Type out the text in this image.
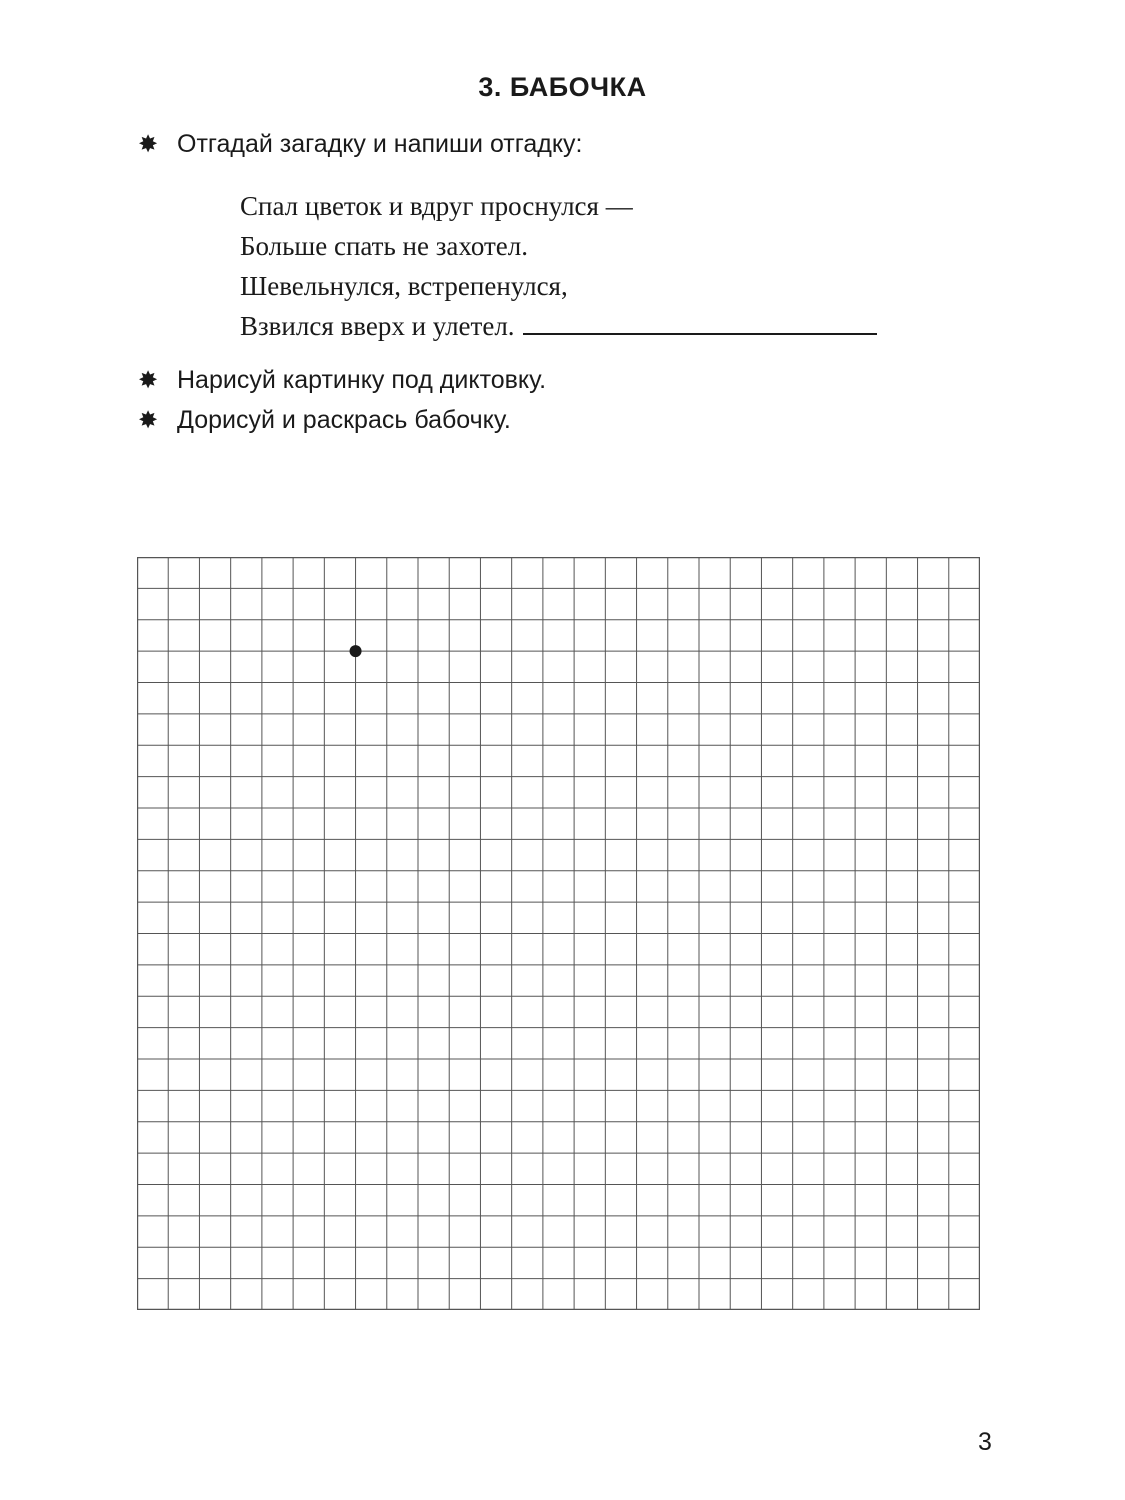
3. БАБОЧКА
✸ Отгадай загадку и напиши отгадку:
Спал цветок и вдруг проснулся —
Больше спать не захотел.
Шевельнулся, встрепенулся,
Взвился вверх и улетел.
✸ Нарисуй картинку под диктовку.
✸ Дорисуй и раскрась бабочку.
3
